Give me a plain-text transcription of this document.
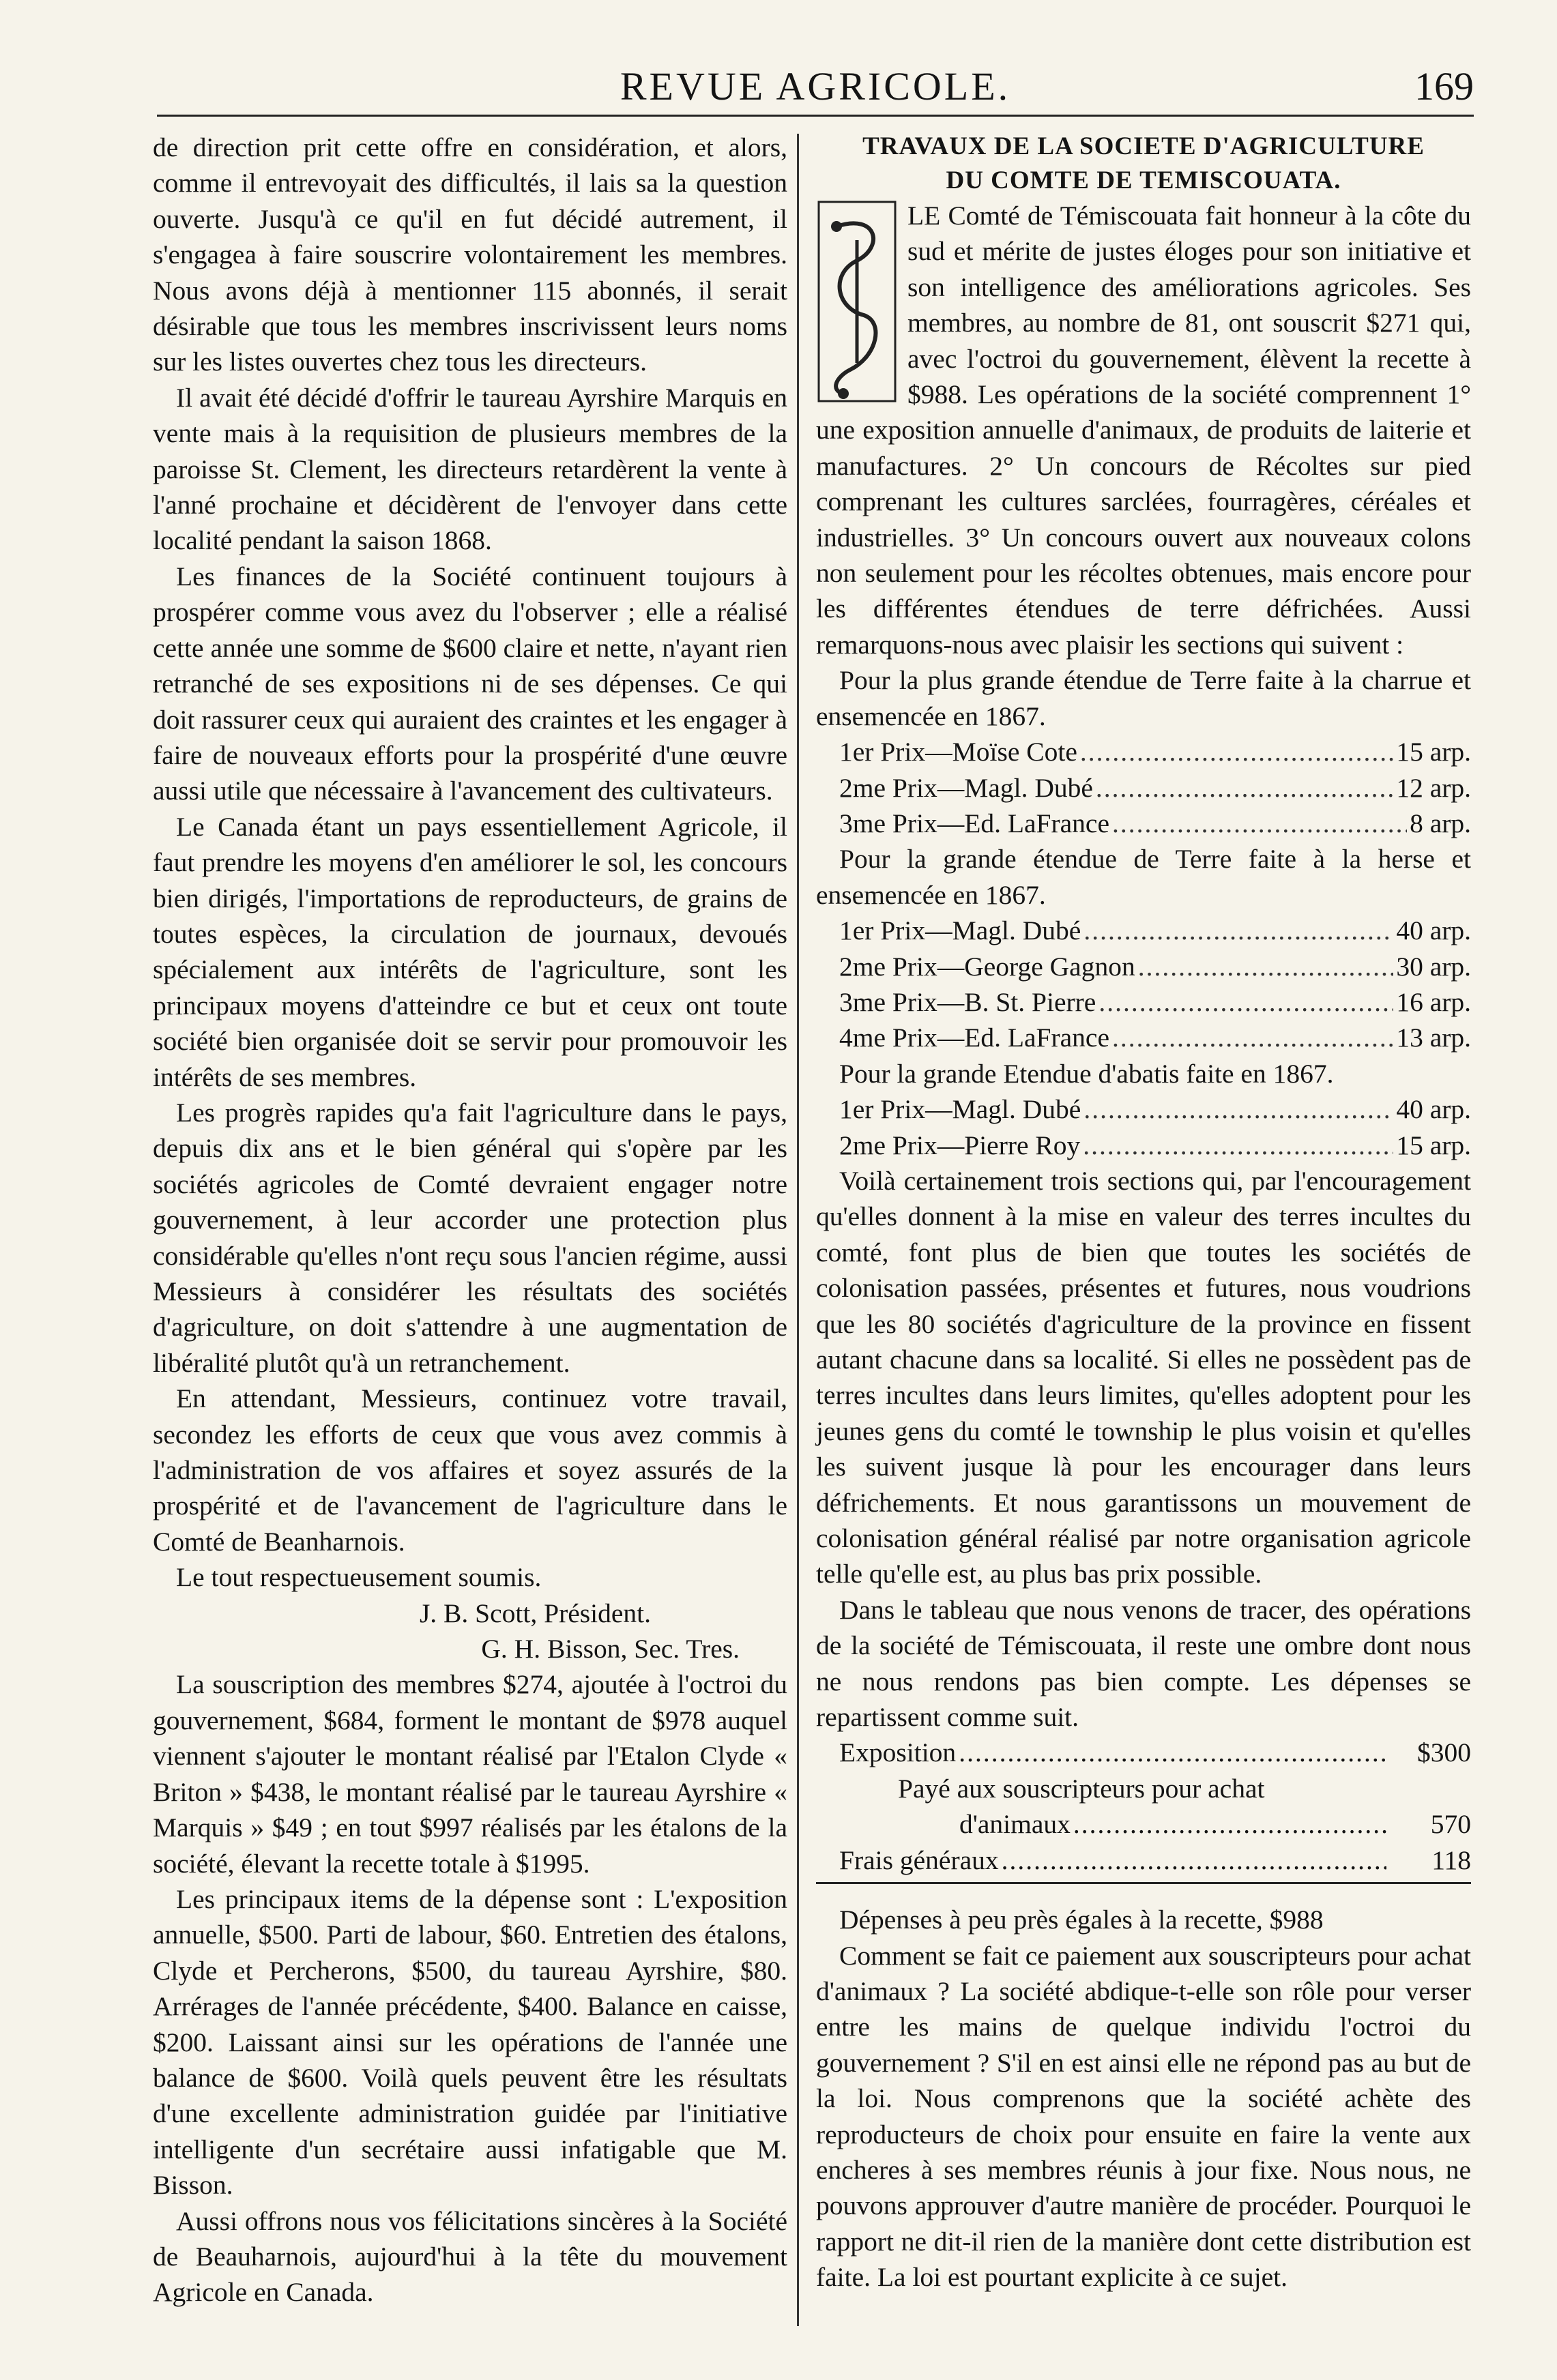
REVUE AGRICOLE.	169

de direction prit cette offre en considération, et alors, comme il entrevoyait des difficultés, il lais sa la question ouverte. Jusqu'à ce qu'il en fut décidé autrement, il s'engagea à faire souscrire volontairement les membres. Nous avons déjà à mentionner 115 abonnés, il serait désirable que tous les membres inscrivissent leurs noms sur les listes ouvertes chez tous les directeurs.

Il avait été décidé d'offrir le taureau Ayrshire Marquis en vente mais à la requisition de plusieurs membres de la paroisse St. Clement, les directeurs retardèrent la vente à l'anné prochaine et décidèrent de l'envoyer dans cette localité pendant la saison 1868.

Les finances de la Société continuent toujours à prospérer comme vous avez du l'observer ; elle a réalisé cette année une somme de $600 claire et nette, n'ayant rien retranché de ses expositions ni de ses dépenses. Ce qui doit rassurer ceux qui auraient des craintes et les engager à faire de nouveaux efforts pour la prospérité d'une œuvre aussi utile que nécessaire à l'avancement des cultivateurs.

Le Canada étant un pays essentiellement Agricole, il faut prendre les moyens d'en améliorer le sol, les concours bien dirigés, l'importations de reproducteurs, de grains de toutes espèces, la circulation de journaux, devoués spécialement aux intérêts de l'agriculture, sont les principaux moyens d'atteindre ce but et ceux ont toute société bien organisée doit se servir pour promouvoir les intérêts de ses membres.

Les progrès rapides qu'a fait l'agriculture dans le pays, depuis dix ans et le bien général qui s'opère par les sociétés agricoles de Comté devraient engager notre gouvernement, à leur accorder une protection plus considérable qu'elles n'ont reçu sous l'ancien régime, aussi Messieurs à considérer les résultats des sociétés d'agriculture, on doit s'attendre à une augmentation de libéralité plutôt qu'à un retranchement.

En attendant, Messieurs, continuez votre travail, secondez les efforts de ceux que vous avez commis à l'administration de vos affaires et soyez assurés de la prospérité et de l'avancement de l'agriculture dans le Comté de Beanharnois.

Le tout respectueusement soumis.

J. B. Scott, Président.
G. H. Bisson, Sec. Tres.

La souscription des membres $274, ajoutée à l'octroi du gouvernement, $684, forment le montant de $978 auquel viennent s'ajouter le montant réalisé par l'Etalon Clyde « Briton » $438, le montant réalisé par le taureau Ayrshire « Marquis » $49 ; en tout $997 réalisés par les étalons de la société, élevant la recette totale à $1995.

Les principaux items de la dépense sont : L'exposition annuelle, $500. Parti de labour, $60. Entretien des étalons, Clyde et Percherons, $500, du taureau Ayrshire, $80. Arrérages de l'année précédente, $400. Balance en caisse, $200. Laissant ainsi sur les opérations de l'année une balance de $600. Voilà quels peuvent être les résultats d'une excellente administration guidée par l'initiative intelligente d'un secrétaire aussi infatigable que M. Bisson.

Aussi offrons nous vos félicitations sincères à la Société de Beauharnois, aujourd'hui à la tête du mouvement Agricole en Canada.

TRAVAUX DE LA SOCIETE D'AGRICULTURE
DU COMTE DE TEMISCOUATA.

LE Comté de Témiscouata fait honneur à la côte du sud et mérite de justes éloges pour son initiative et son intelligence des améliorations agricoles. Ses membres, au nombre de 81, ont souscrit $271 qui, avec l'octroi du gouvernement, élèvent la recette à $988. Les opérations de la société comprennent 1° une exposition annuelle d'animaux, de produits de laiterie et manufactures. 2° Un concours de Récoltes sur pied comprenant les cultures sarclées, fourragères, céréales et industrielles. 3° Un concours ouvert aux nouveaux colons non seulement pour les récoltes obtenues, mais encore pour les différentes étendues de terre défrichées. Aussi remarquons-nous avec plaisir les sections qui suivent :

Pour la plus grande étendue de Terre faite à la charrue et ensemencée en 1867.

1er Prix—Moïse Cote .....	15 arp.
2me Prix—Magl. Dubé .....	12 arp.
3me Prix—Ed. LaFrance .....	8 arp.

Pour la grande étendue de Terre faite à la herse et ensemencée en 1867.

1er Prix—Magl. Dubé .....	40 arp.
2me Prix—George Gagnon .....	30 arp.
3me Prix—B. St. Pierre .....	16 arp.
4me Prix—Ed. LaFrance .....	13 arp.

Pour la grande Etendue d'abatis faite en 1867.

1er Prix—Magl. Dubé .....	40 arp.
2me Prix—Pierre Roy .....	15 arp.

Voilà certainement trois sections qui, par l'encouragement qu'elles donnent à la mise en valeur des terres incultes du comté, font plus de bien que toutes les sociétés de colonisation passées, présentes et futures, nous voudrions que les 80 sociétés d'agriculture de la province en fissent autant chacune dans sa localité. Si elles ne possèdent pas de terres incultes dans leurs limites, qu'elles adoptent pour les jeunes gens du comté le township le plus voisin et qu'elles les suivent jusque là pour les encourager dans leurs défrichements. Et nous garantissons un mouvement de colonisation général réalisé par notre organisation agricole telle qu'elle est, au plus bas prix possible.

Dans le tableau que nous venons de tracer, des opérations de la société de Témiscouata, il reste une ombre dont nous ne nous rendons pas bien compte. Les dépenses se repartissent comme suit.

Exposition .....	$300
Payé aux souscripteurs pour achat
d'animaux .....	570
Frais généraux .....	118

Dépenses à peu près égales à la recette, $988

Comment se fait ce paiement aux souscripteurs pour achat d'animaux ? La société abdique-t-elle son rôle pour verser entre les mains de quelque individu l'octroi du gouvernement ? S'il en est ainsi elle ne répond pas au but de la loi. Nous comprenons que la société achète des reproducteurs de choix pour ensuite en faire la vente aux encheres à ses membres réunis à jour fixe. Nous nous, ne pouvons approuver d'autre manière de procéder. Pourquoi le rapport ne dit-il rien de la manière dont cette distribution est faite. La loi est pourtant explicite à ce sujet.
